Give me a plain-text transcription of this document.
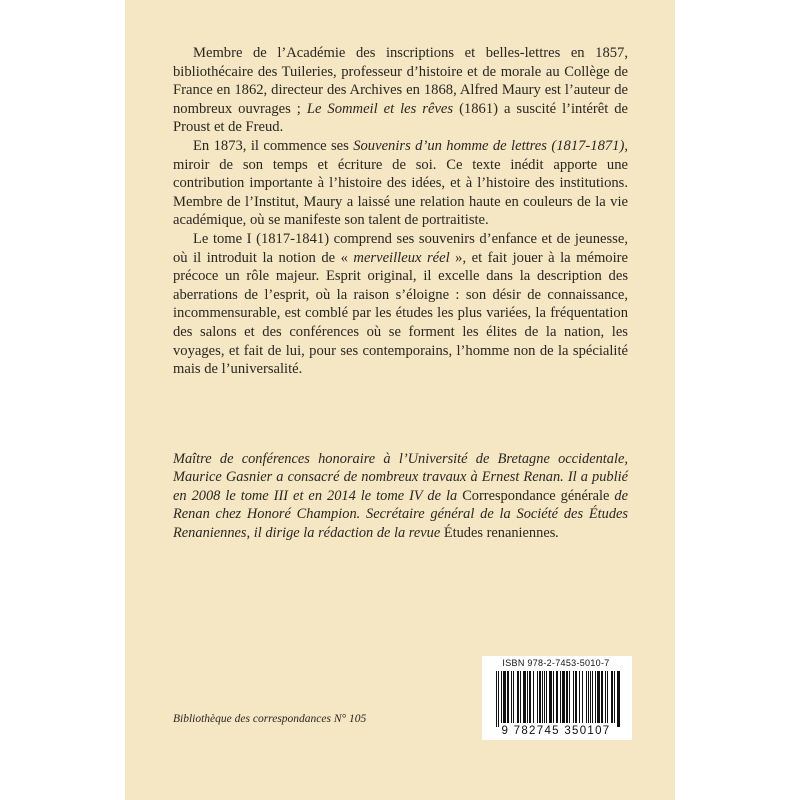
Membre de l’Académie des inscriptions et belles-lettres en 1857, bibliothécaire des Tuileries, professeur d’histoire et de morale au Collège de France en 1862, directeur des Archives en 1868, Alfred Maury est l’auteur de nombreux ouvrages ; Le Sommeil et les rêves (1861) a suscité l’intérêt de Proust et de Freud.

En 1873, il commence ses Souvenirs d’un homme de lettres (1817-1871), miroir de son temps et écriture de soi. Ce texte inédit apporte une contribution importante à l’histoire des idées, et à l’histoire des institutions. Membre de l’Institut, Maury a laissé une relation haute en couleurs de la vie académique, où se manifeste son talent de portraitiste.

Le tome I (1817-1841) comprend ses souvenirs d’enfance et de jeunesse, où il introduit la notion de « merveilleux réel », et fait jouer à la mémoire précoce un rôle majeur. Esprit original, il excelle dans la description des aberrations de l’esprit, où la raison s’éloigne : son désir de connaissance, incommensurable, est comblé par les études les plus variées, la fréquentation des salons et des conférences où se forment les élites de la nation, les voyages, et fait de lui, pour ses contemporains, l’homme non de la spécialité mais de l’universalité.

Maître de conférences honoraire à l’Université de Bretagne occidentale, Maurice Gasnier a consacré de nombreux travaux à Ernest Renan. Il a publié en 2008 le tome III et en 2014 le tome IV de la Correspondance générale de Renan chez Honoré Champion. Secrétaire général de la Société des Études Renaniennes, il dirige la rédaction de la revue Études renaniennes.

ISBN 978-2-7453-5010-7
9 782745 350107
Bibliothèque des correspondances N° 105
